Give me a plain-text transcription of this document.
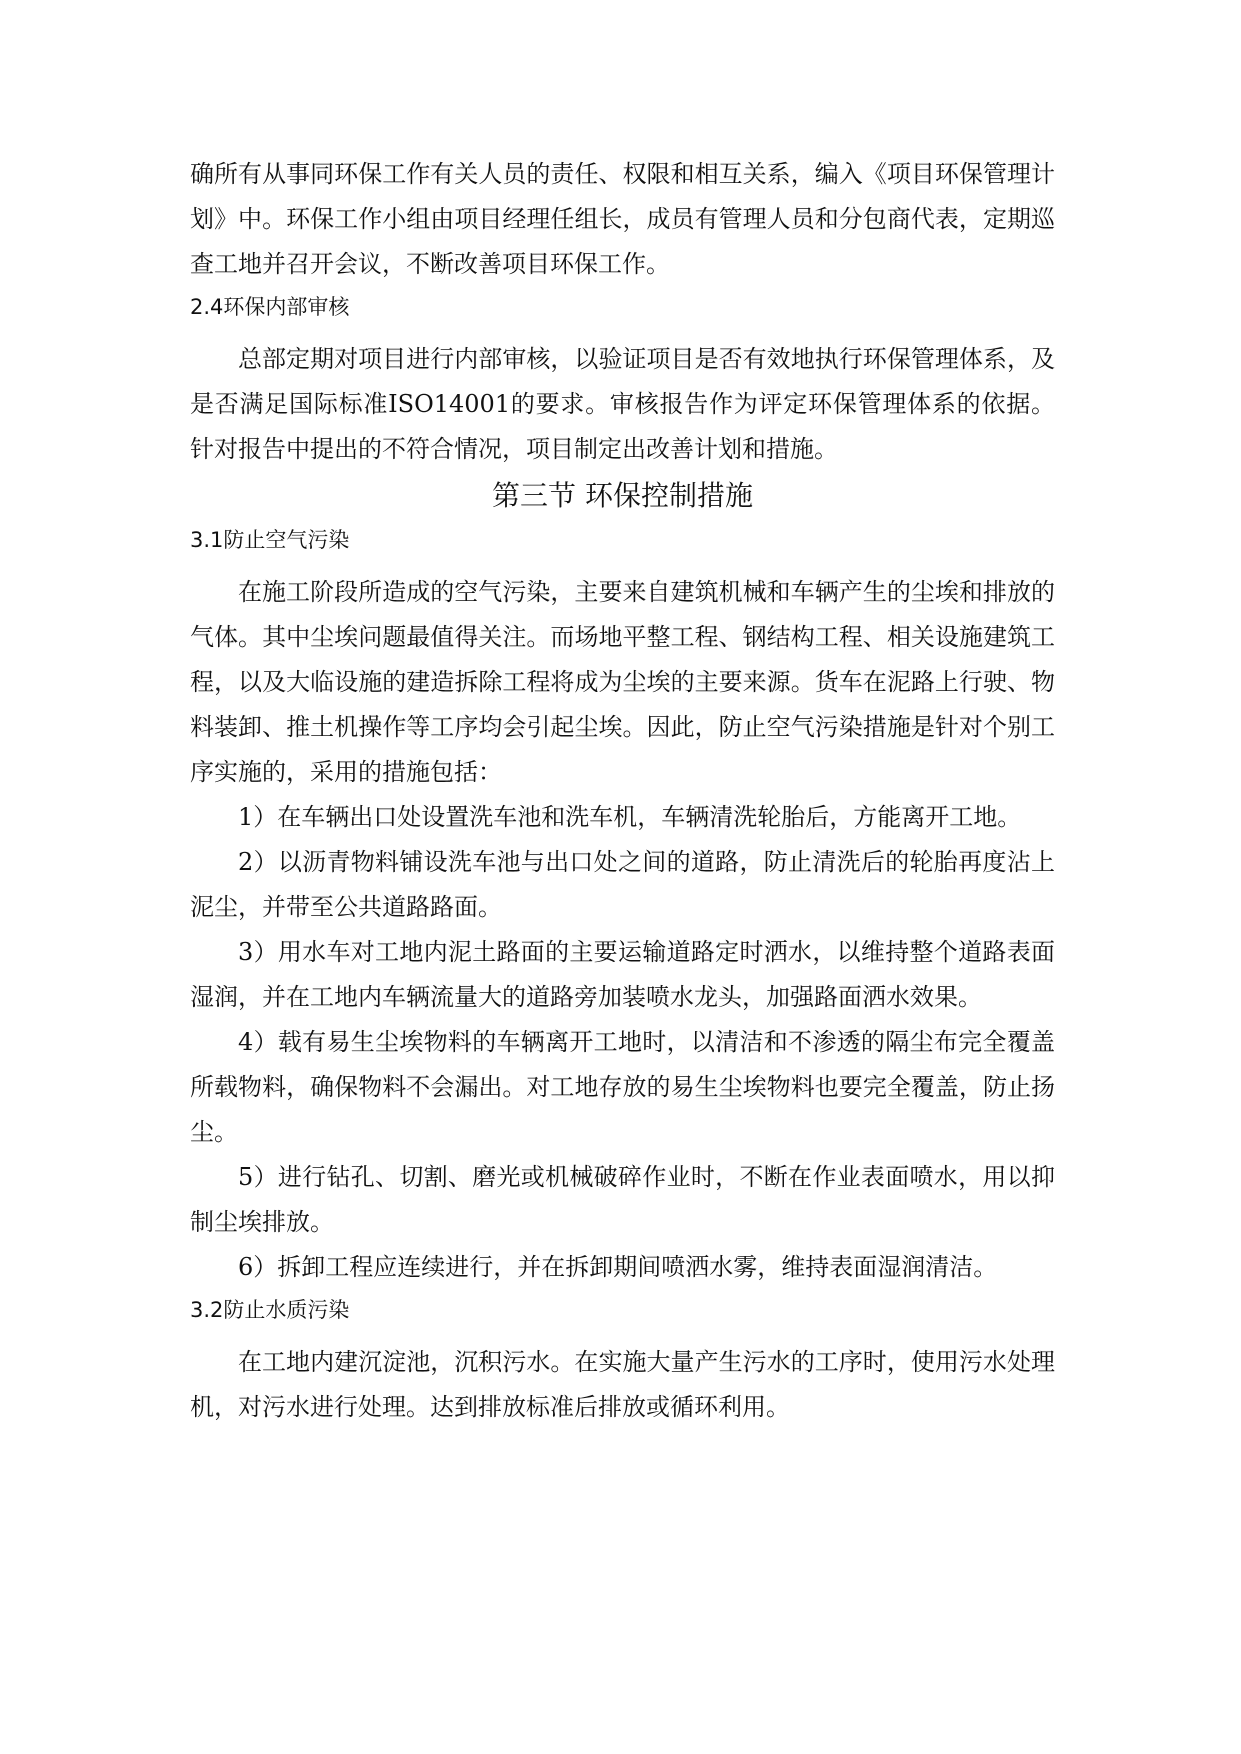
确所有从事同环保工作有关人员的责任、权限和相互关系，编入《项目环保管理计划》中。环保工作小组由项目经理任组长，成员有管理人员和分包商代表，定期巡查工地并召开会议，不断改善项目环保工作。

2.4环保内部审核

总部定期对项目进行内部审核，以验证项目是否有效地执行环保管理体系，及是否满足国际标准ISO14001的要求。审核报告作为评定环保管理体系的依据。针对报告中提出的不符合情况，项目制定出改善计划和措施。

第三节 环保控制措施

3.1防止空气污染

在施工阶段所造成的空气污染，主要来自建筑机械和车辆产生的尘埃和排放的气体。其中尘埃问题最值得关注。而场地平整工程、钢结构工程、相关设施建筑工程，以及大临设施的建造拆除工程将成为尘埃的主要来源。货车在泥路上行驶、物料装卸、推土机操作等工序均会引起尘埃。因此，防止空气污染措施是针对个别工序实施的，采用的措施包括：

1）在车辆出口处设置洗车池和洗车机，车辆清洗轮胎后，方能离开工地。

2）以沥青物料铺设洗车池与出口处之间的道路，防止清洗后的轮胎再度沾上泥尘，并带至公共道路路面。

3）用水车对工地内泥土路面的主要运输道路定时洒水，以维持整个道路表面湿润，并在工地内车辆流量大的道路旁加装喷水龙头，加强路面洒水效果。

4）载有易生尘埃物料的车辆离开工地时，以清洁和不渗透的隔尘布完全覆盖所载物料，确保物料不会漏出。对工地存放的易生尘埃物料也要完全覆盖，防止扬尘。

5）进行钻孔、切割、磨光或机械破碎作业时，不断在作业表面喷水，用以抑制尘埃排放。

6）拆卸工程应连续进行，并在拆卸期间喷洒水雾，维持表面湿润清洁。

3.2防止水质污染

在工地内建沉淀池，沉积污水。在实施大量产生污水的工序时，使用污水处理机，对污水进行处理。达到排放标准后排放或循环利用。
